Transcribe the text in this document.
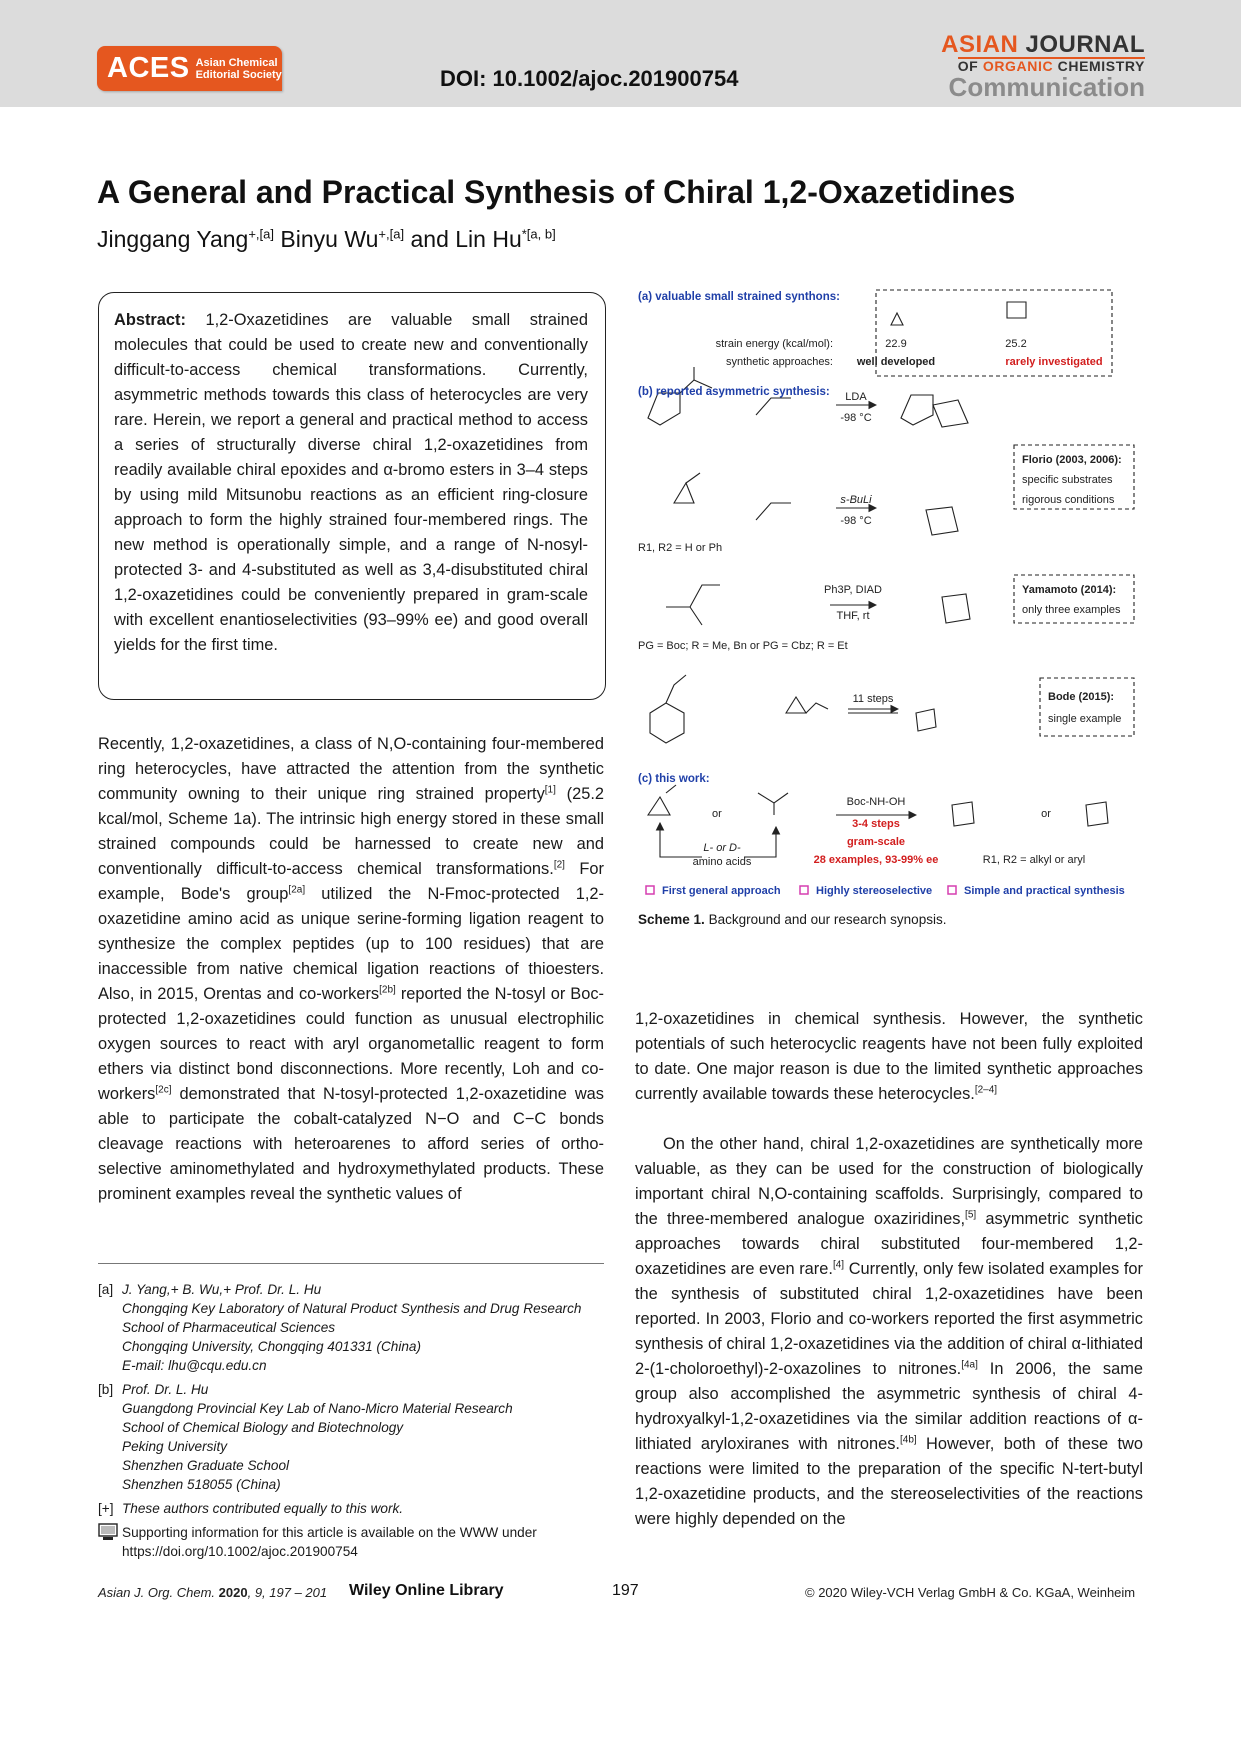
ACES Asian Chemical
Editorial Society	DOI: 10.1002/ajoc.201900754
ASIAN JOURNAL
OF ORGANIC CHEMISTRY
Communication
A General and Practical Synthesis of Chiral 1,2-Oxazetidines
Jinggang Yang$^{+,[a]}$ Binyu $Wu^{+,[a]}$ and Lin $Hu^{*[a, b]}$
Abstract: 1,2-Oxazetidines are valuable small strained molecules that could be used to create new and conventionally difficult-to-access chemical transformations. Currently, asymmetric methods towards this class of heterocycles are very rare. Herein, we report a general and practical method to access a series of structurally diverse chiral 1,2-oxazetidines from readily available chiral epoxides and α-bromo esters in 3–4 steps by using mild Mitsunobu reactions as an efficient ring-closure approach to form the highly strained four-membered rings. The new method is operationally simple, and a range of N-nosyl-protected 3- and 4-substituted as well as 3,4-disubstituted chiral 1,2-oxazetidines could be conveniently prepared in gram-scale with excellent enantioselectivities (93–99% ee) and good overall yields for the first time.
Recently, 1,2-oxazetidines, a class of N,O-containing four-membered ring heterocycles, have attracted the attention from the synthetic community owning to their unique ring strained property[1] (25.2 kcal/mol, Scheme 1a). The intrinsic high energy stored in these small strained compounds could be harnessed to create new and conventionally difficult-to-access chemical transformations.[2] For example, Bode's group[2a] utilized the N-Fmoc-protected 1,2-oxazetidine amino acid as unique serine-forming ligation reagent to synthesize the complex peptides (up to 100 residues) that are inaccessible from native chemical ligation reactions of thioesters. Also, in 2015, Orentas and co-workers[2b] reported the N-tosyl or Boc-protected 1,2-oxazetidines could function as unusual electrophilic oxygen sources to react with aryl organometallic reagent to form ethers via distinct bond disconnections. More recently, Loh and co-workers[2c] demonstrated that N-tosyl-protected 1,2-oxazetidine was able to participate the cobalt-catalyzed N−O and C−C bonds cleavage reactions with heteroarenes to afford series of ortho-selective aminomethylated and hydroxymethylated products. These prominent examples reveal the synthetic values of
1,2-oxazetidines in chemical synthesis. However, the synthetic potentials of such heterocyclic reagents have not been fully exploited to date. One major reason is due to the limited synthetic approaches currently available towards these heterocycles.[2–4]
On the other hand, chiral 1,2-oxazetidines are synthetically more valuable, as they can be used for the construction of biologically important chiral N,O-containing scaffolds. Surprisingly, compared to the three-membered analogue oxaziridines,[5] asymmetric synthetic approaches towards chiral substituted four-membered 1,2-oxazetidines are even rare.[4] Currently, only few isolated examples for the synthesis of substituted chiral 1,2-oxazetidines have been reported. In 2003, Florio and co-workers reported the first asymmetric synthesis of chiral 1,2-oxazetidines via the addition of chiral α-lithiated 2-(1-choloroethyl)-2-oxazolines to nitrones.[4a] In 2006, the same group also accomplished the asymmetric synthesis of chiral 4-hydroxyalkyl-1,2-oxazetidines via the similar addition reactions of α-lithiated aryloxiranes with nitrones.[4b] However, both of these two reactions were limited to the preparation of the specific N-tert-butyl 1,2-oxazetidine products, and the stereoselectivities of the reactions were highly depended on the
[a] J. Yang,+ B. Wu,+ Prof. Dr. L. Hu
Chongqing Key Laboratory of Natural Product Synthesis and Drug Research
School of Pharmaceutical Sciences
Chongqing University, Chongqing 401331 (China)
E-mail: lhu@cqu.edu.cn
[b] Prof. Dr. L. Hu
Guangdong Provincial Key Lab of Nano-Micro Material Research
School of Chemical Biology and Biotechnology
Peking University
Shenzhen Graduate School
Shenzhen 518055 (China)
[+] These authors contributed equally to this work.
Supporting information for this article is available on the WWW under
https://doi.org/10.1002/ajoc.201900754
Asian J. Org. Chem. 2020, 9, 197 – 201 Wiley Online Library	197	© 2020 Wiley-VCH Verlag GmbH & Co. KGaA, Weinheim
(a) valuable small strained synthons:
strain energy (kcal/mol):
synthetic approaches:
22.9	25.2
well developed	rarely investigated
(b) reported asymmetric synthesis: LDA
-98 °C
s-BuLi
-98 °C
R1, R2 = H or Ph
Florio (2003, 2006):
specific substrates
rigorous conditions
Ph3P, DIAD
THF, rt
PG = Boc; R = Me, Bn or PG = Cbz; R = Et
Yamamoto (2014):
only three examples
11 steps	Bode (2015):
single example
(c) this work:
or
L- or D-
amino acids
Boc-NH-OH
3-4 steps
gram-scale
28 examples, 93-99% ee
or
R1, R2 = alkyl or aryl
First general approach	Highly stereoselective	Simple and practical synthesis
Scheme 1. Background and our research synopsis.
